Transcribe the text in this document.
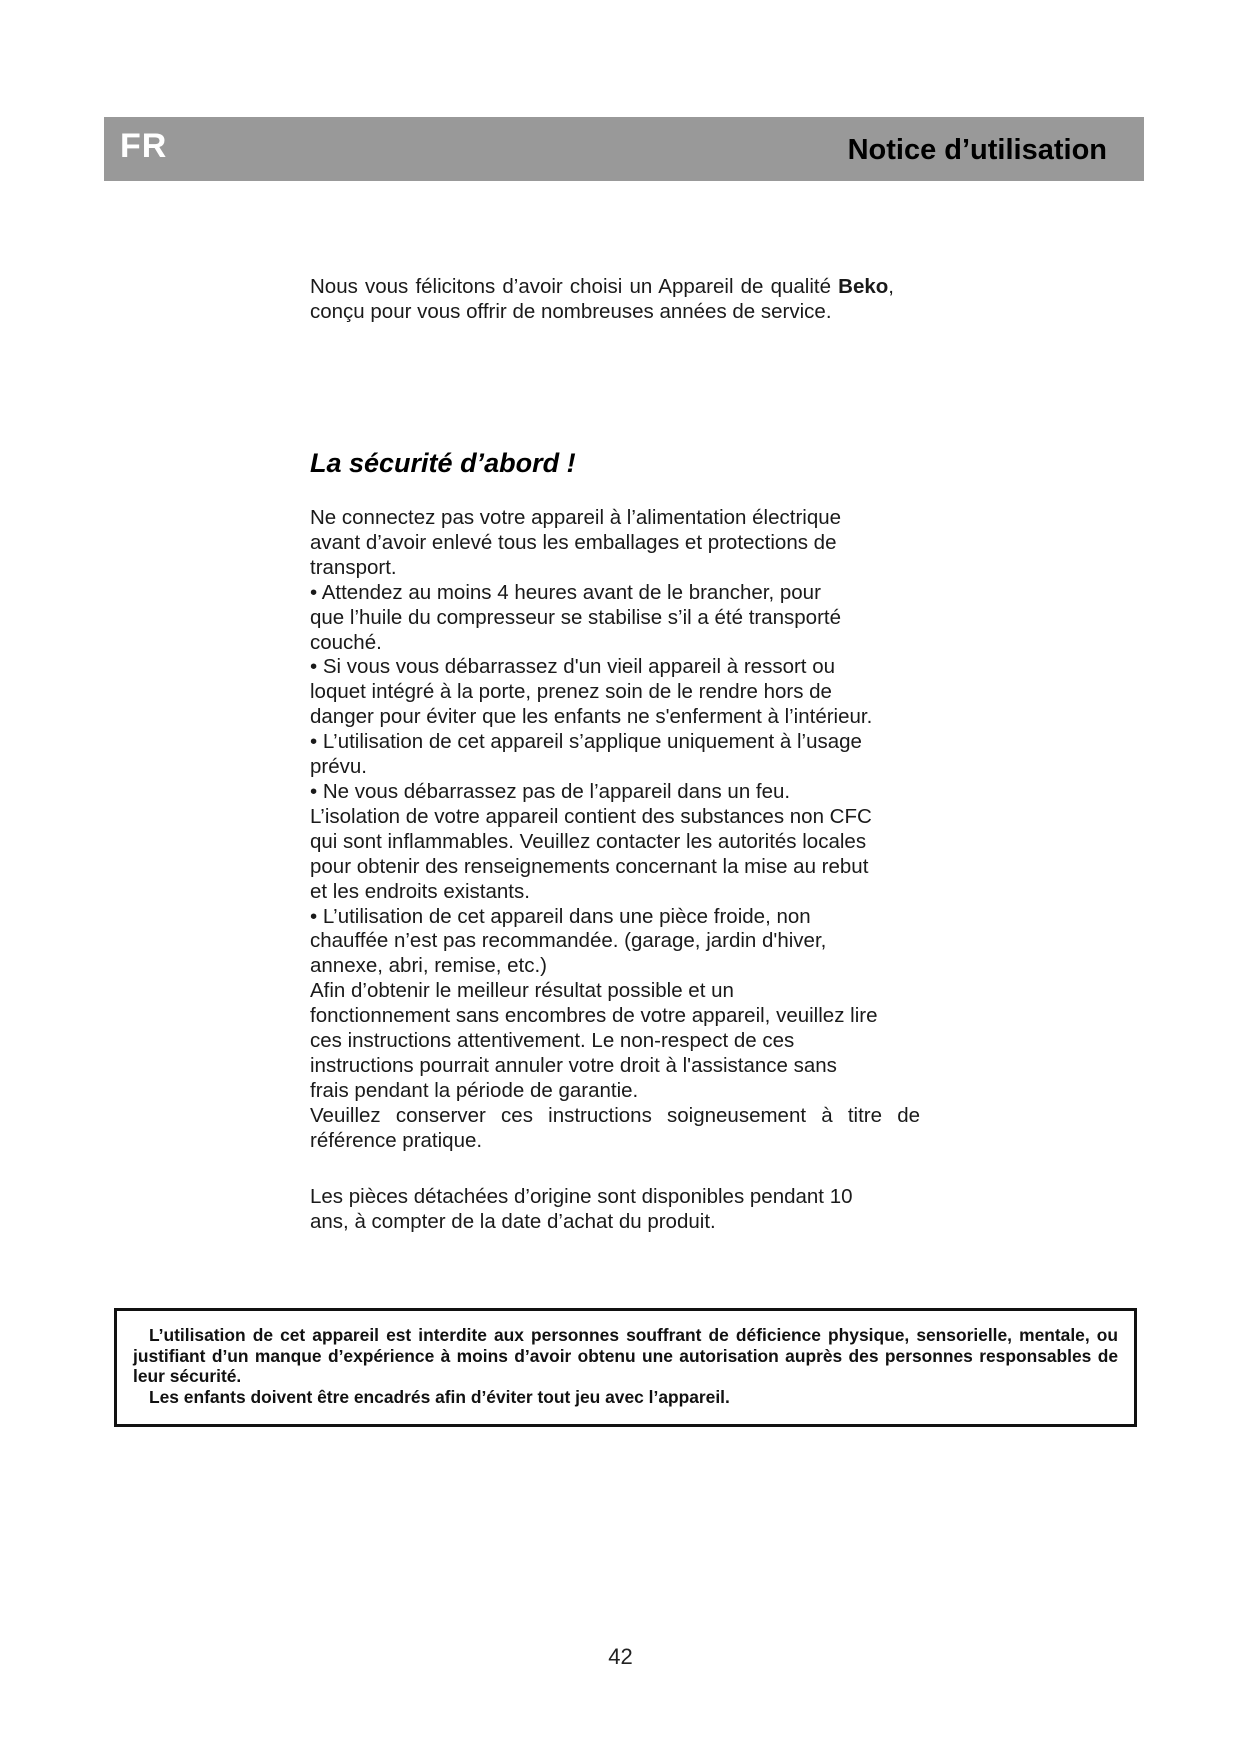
FR	Notice d’utilisation

Nous vous félicitons d’avoir choisi un Appareil de qualité Beko, conçu pour vous offrir de nombreuses années de service.

La sécurité d’abord !
Ne connectez pas votre appareil à l’alimentation électrique
avant d’avoir enlevé tous les emballages et protections de
transport.
• Attendez au moins 4 heures avant de le brancher, pour
que l’huile du compresseur se stabilise s’il a été transporté
couché.
• Si vous vous débarrassez d'un vieil appareil à ressort ou
loquet intégré à la porte, prenez soin de le rendre hors de
danger pour éviter que les enfants ne s'enferment à l’intérieur.
• L’utilisation de cet appareil s’applique uniquement à l’usage
prévu.
• Ne vous débarrassez pas de l’appareil dans un feu.
L’isolation de votre appareil contient des substances non CFC
qui sont inflammables. Veuillez contacter les autorités locales
pour obtenir des renseignements concernant la mise au rebut
et les endroits existants.
• L’utilisation de cet appareil dans une pièce froide, non
chauffée n’est pas recommandée. (garage, jardin d'hiver,
annexe, abri, remise, etc.)
Afin d’obtenir le meilleur résultat possible et un
fonctionnement sans encombres de votre appareil, veuillez lire
ces instructions attentivement. Le non-respect de ces
instructions pourrait annuler votre droit à l'assistance sans
frais pendant la période de garantie.
Veuillez conserver ces instructions soigneusement à titre de
référence pratique.
Les pièces détachées d’origine sont disponibles pendant 10
ans, à compter de la date d’achat du produit.
L’utilisation de cet appareil est interdite aux personnes souffrant de déficience physique, sensorielle, mentale, ou justifiant d’un manque d’expérience à moins d’avoir obtenu une autorisation auprès des personnes responsables de leur sécurité.
Les enfants doivent être encadrés afin d’éviter tout jeu avec l’appareil.
42
